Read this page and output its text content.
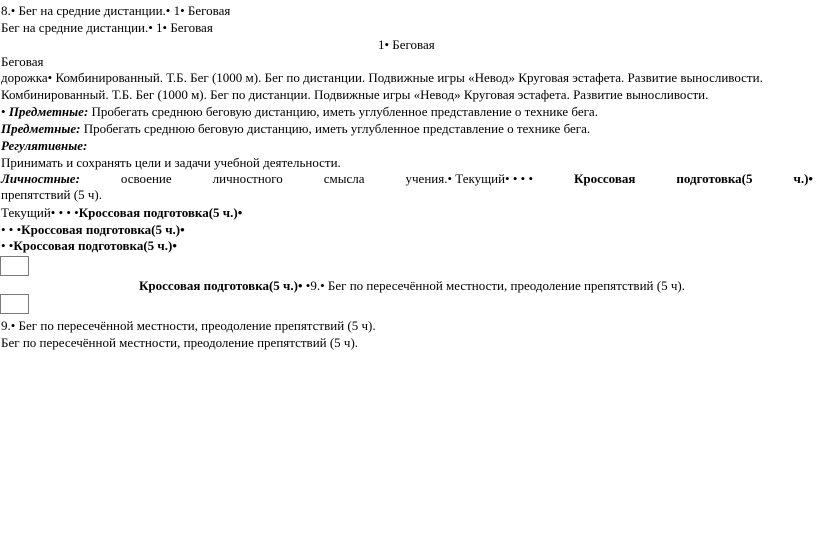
8.• Бег на средние дистанции.• 1• Беговая
Бег на средние дистанции.• 1• Беговая
1• Беговая
Беговая
дорожка• Комбинированный. Т.Б. Бег (1000 м). Бег по дистанции. Подвижные игры «Невод» Круговая эстафета. Развитие выносливости.
Комбинированный. Т.Б. Бег (1000 м). Бег по дистанции. Подвижные игры «Невод» Круговая эстафета. Развитие выносливости.
• Предметные: Пробегать среднюю беговую дистанцию, иметь углубленное представление о технике бега.
Предметные: Пробегать среднюю беговую дистанцию, иметь углубленное представление о технике бега.
Регулятивные:
Принимать и сохранять цели и задачи учебной деятельности.
Личностные:	освоение	личностного	смысла	учения.• Текущий• • • •	Кроссовая	подготовка(5	ч.)•
препятствий (5 ч).
Текущий• • • •Кроссовая подготовка(5 ч.)•
• • •Кроссовая подготовка(5 ч.)•
• •Кроссовая подготовка(5 ч.)•
Кроссовая подготовка(5 ч.)• •9.• Бег по пересечённой местности, преодоление препятствий (5 ч).
9.• Бег по пересечённой местности, преодоление препятствий (5 ч).
Бег по пересечённой местности, преодоление препятствий (5 ч).
